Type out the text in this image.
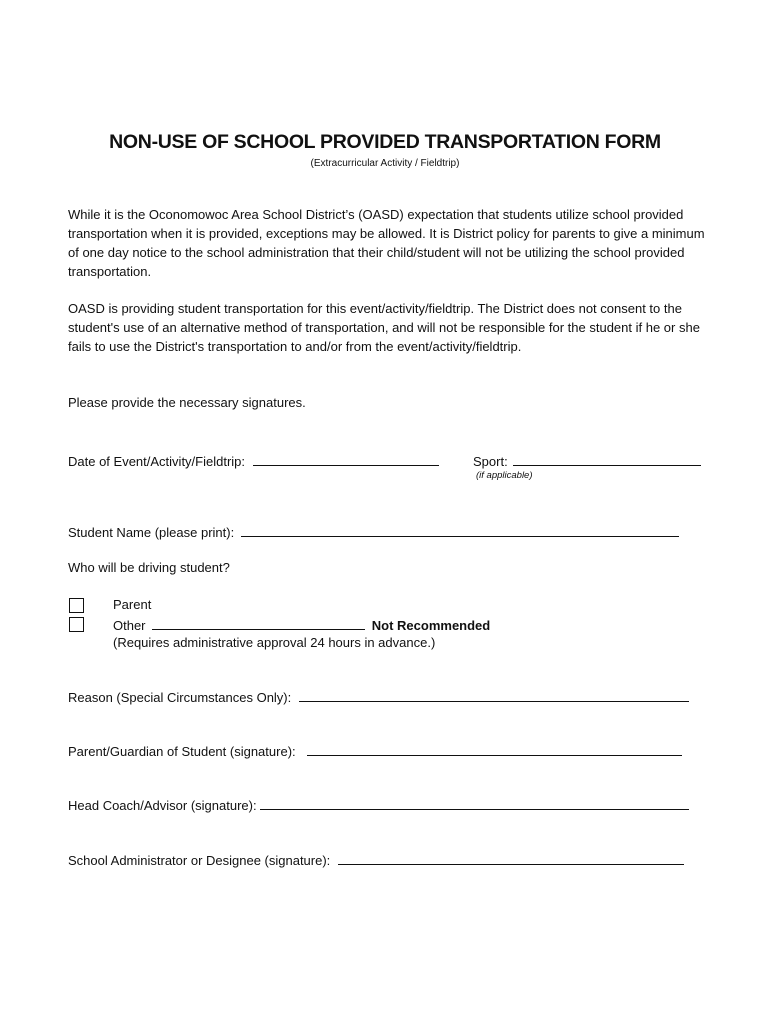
NON-USE OF SCHOOL PROVIDED TRANSPORTATION FORM
(Extracurricular Activity / Fieldtrip)
While it is the Oconomowoc Area School District’s (OASD) expectation that students utilize school provided transportation when it is provided, exceptions may be allowed. It is District policy for parents to give a minimum of one day notice to the school administration that their child/student will not be utilizing the school provided transportation.
OASD is providing student transportation for this event/activity/fieldtrip. The District does not consent to the student's use of an alternative method of transportation, and will not be responsible for the student if he or she fails to use the District's transportation to and/or from the event/activity/fieldtrip.
Please provide the necessary signatures.
Date of Event/Activity/Fieldtrip:	Sport:
(if applicable)
Student Name (please print):
Who will be driving student?
Parent
Other	Not Recommended
(Requires administrative approval 24 hours in advance.)
Reason (Special Circumstances Only):
Parent/Guardian of Student (signature):
Head Coach/Advisor (signature):
School Administrator or Designee (signature):
